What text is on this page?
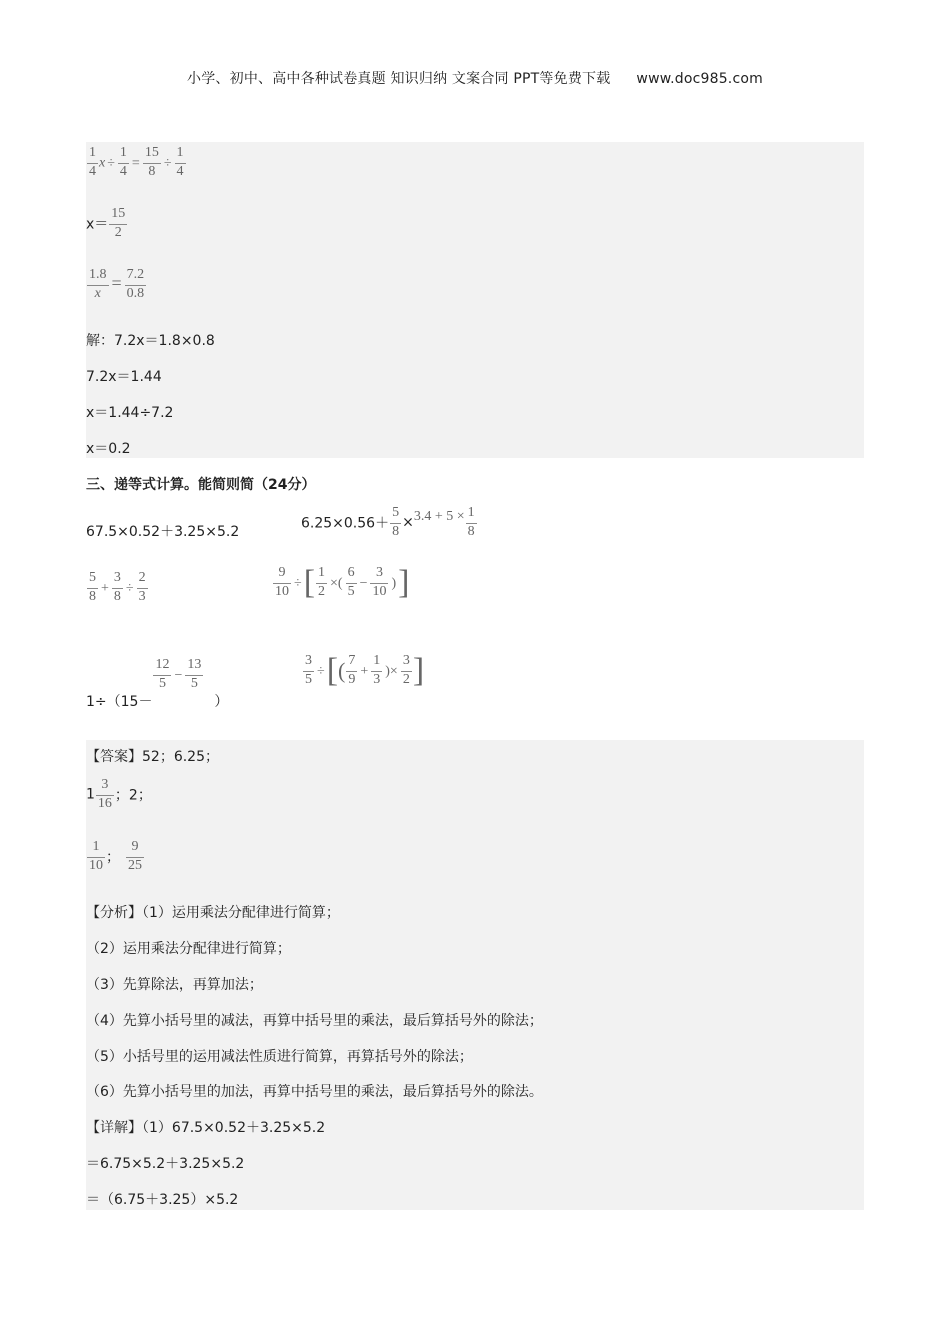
小学、初中、高中各种试卷真题 知识归纳 文案合同 PPT等免费下载 www.doc985.com
$\frac{1}{4}$ $x \div \frac{1}{4} = \frac{15}{8} \div \frac{1}{4}$
$x= \frac{15}{2}$
$\frac{1.8}{x} = \frac{7.2}{0.8}$
解：7.2x＝1.8×0.8
7.2x＝1.44
x＝1.44÷7.2
x＝0.2
三、递等式计算。能简则简（24分）
67.5×0.52＋3.25×5.2
$6.25\times 0.56+ \frac{5}{8} \times 3.4 + 5 \times \frac{1}{8}$
$\frac{5}{8} + \frac{3}{8} \div \frac{2}{3}$	$\frac{9}{10}$ ÷[ $\frac{1}{2}$ ×( $\frac{6}{5} - \frac{3}{10}$ )]
1÷（15－
$\frac{12}{5} - \frac{13}{5}$
）
$\frac{3}{5}$ ÷[( $\frac{7}{9} + \frac{1}{3}$ )× $\frac{3}{2}$ ]
【答案】52；6.25；
$1 \frac{3}{16}$ ；2；
$\frac{1}{10}$ ； $\frac{9}{25}$
【分析】（1）运用乘法分配律进行简算；
（2）运用乘法分配律进行简算；
（3）先算除法，再算加法；
（4）先算小括号里的减法，再算中括号里的乘法，最后算括号外的除法；
（5）小括号里的运用减法性质进行简算，再算括号外的除法；
（6）先算小括号里的加法，再算中括号里的乘法，最后算括号外的除法。
【详解】（1）67.5×0.52＋3.25×5.2
＝6.75×5.2＋3.25×5.2
＝（6.75＋3.25）×5.2
